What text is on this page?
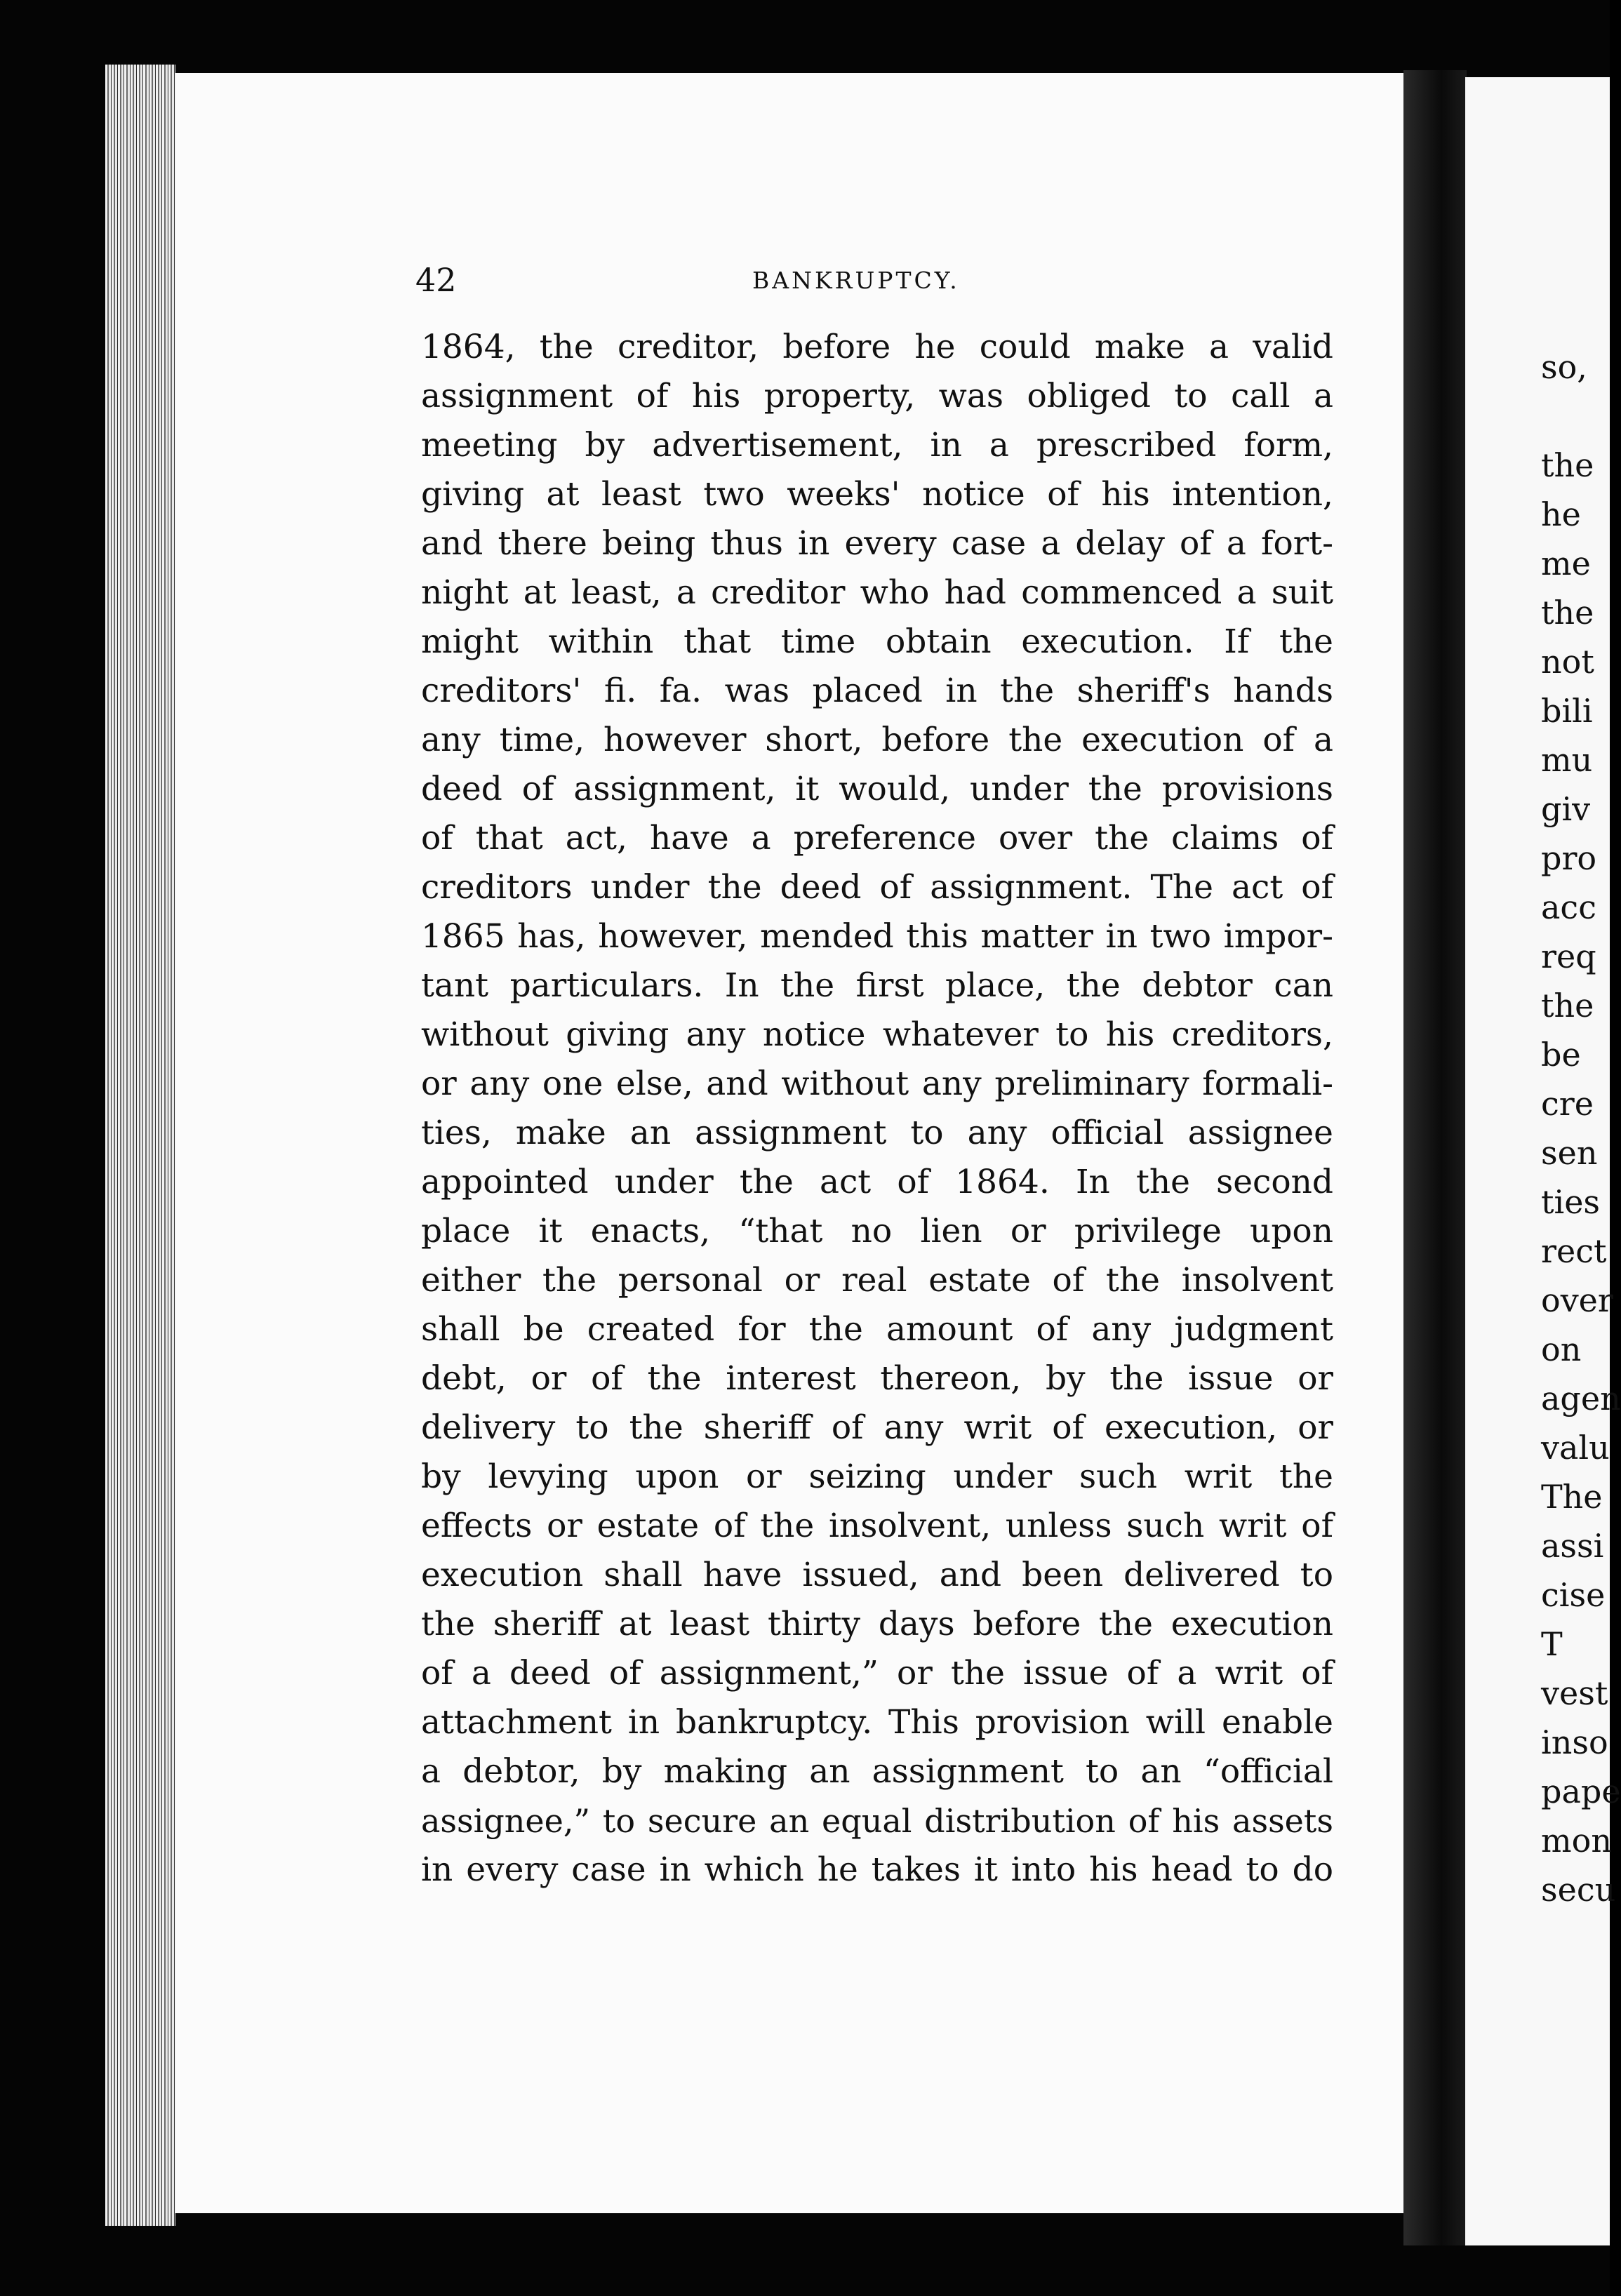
42	BANKRUPTCY.
1864, the creditor, before he could make a valid
assignment of his property, was obliged to call a
meeting by advertisement, in a prescribed form,
giving at least two weeks' notice of his intention,
and there being thus in every case a delay of a fort-
night at least, a creditor who had commenced a suit
might within that time obtain execution. If the
creditors' fi. fa. was placed in the sheriff's hands
any time, however short, before the execution of a
deed of assignment, it would, under the provisions
of that act, have a preference over the claims of
creditors under the deed of assignment. The act of
1865 has, however, mended this matter in two impor-
tant particulars. In the first place, the debtor can
without giving any notice whatever to his creditors,
or any one else, and without any preliminary formali-
ties, make an assignment to any official assignee
appointed under the act of 1864. In the second
place it enacts, “that no lien or privilege upon
either the personal or real estate of the insolvent
shall be created for the amount of any judgment
debt, or of the interest thereon, by the issue or
delivery to the sheriff of any writ of execution, or
by levying upon or seizing under such writ the
effects or estate of the insolvent, unless such writ of
execution shall have issued, and been delivered to
the sheriff at least thirty days before the execution
of a deed of assignment,” or the issue of a writ of
attachment in bankruptcy. This provision will enable
a debtor, by making an assignment to an “official
assignee,” to secure an equal distribution of his assets
in every case in which he takes it into his head to do
so,
the
he
me
the
not
bili
mu
giv
pro
acc
req
the
be
cre
sen
ties
rect
over
on
agen
valu
The
assi
cise
T
vest
inso
pape
mon
secu
